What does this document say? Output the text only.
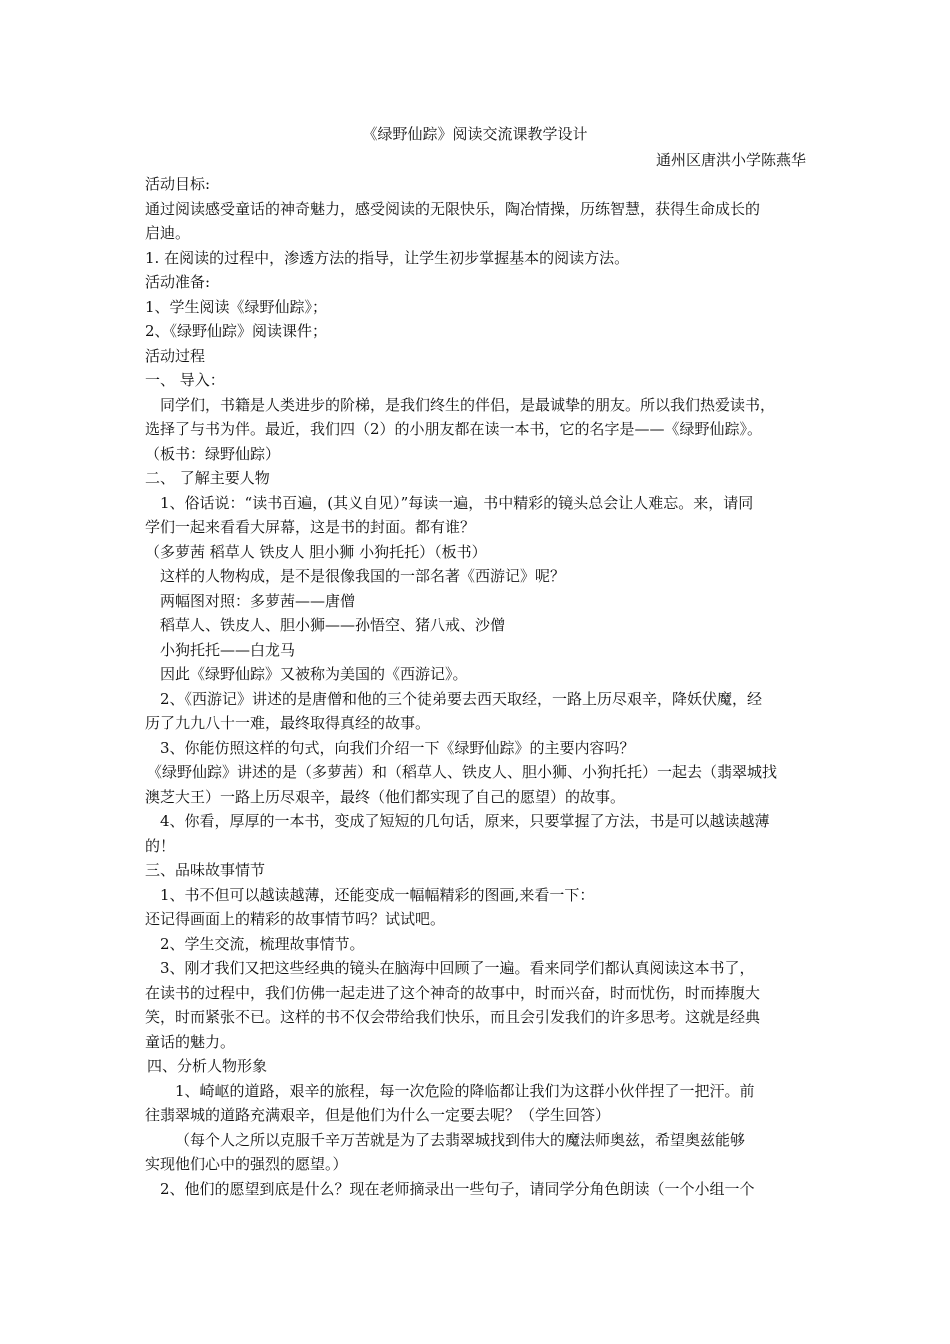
《绿野仙踪》阅读交流课教学设计
通州区唐洪小学陈燕华
活动目标:
通过阅读感受童话的神奇魅力，感受阅读的无限快乐，陶冶情操，历练智慧，获得生命成长的
启迪。
1. 在阅读的过程中，渗透方法的指导，让学生初步掌握基本的阅读方法。
活动准备:
1、学生阅读《绿野仙踪》；
2、《绿野仙踪》阅读课件；
活动过程
一、 导入：
同学们，书籍是人类进步的阶梯，是我们终生的伴侣，是最诚挚的朋友。所以我们热爱读书，
选择了与书为伴。最近，我们四（2）的小朋友都在读一本书，它的名字是——《绿野仙踪》。
（板书：绿野仙踪）
二、 了解主要人物
1、俗话说：“读书百遍，(其义自见）”每读一遍，书中精彩的镜头总会让人难忘。来，请同
学们一起来看看大屏幕，这是书的封面。都有谁？
（多萝茜 稻草人 铁皮人 胆小狮 小狗托托）（板书）
这样的人物构成，是不是很像我国的一部名著《西游记》呢？
两幅图对照：多萝茜——唐僧
稻草人、铁皮人、胆小狮——孙悟空、猪八戒、沙僧
小狗托托——白龙马
因此《绿野仙踪》又被称为美国的《西游记》。
2、《西游记》讲述的是唐僧和他的三个徒弟要去西天取经，一路上历尽艰辛，降妖伏魔，经
历了九九八十一难，最终取得真经的故事。
3、你能仿照这样的句式，向我们介绍一下《绿野仙踪》的主要内容吗？
《绿野仙踪》讲述的是（多萝茜）和（稻草人、铁皮人、胆小狮、小狗托托）一起去（翡翠城找
澳芝大王）一路上历尽艰辛，最终（他们都实现了自己的愿望）的故事。
4、你看，厚厚的一本书，变成了短短的几句话，原来，只要掌握了方法，书是可以越读越薄
的！
三、品味故事情节
1、书不但可以越读越薄，还能变成一幅幅精彩的图画,来看一下：
还记得画面上的精彩的故事情节吗？试试吧。
2、学生交流，梳理故事情节。
3、刚才我们又把这些经典的镜头在脑海中回顾了一遍。看来同学们都认真阅读这本书了，
在读书的过程中，我们仿佛一起走进了这个神奇的故事中，时而兴奋，时而忧伤，时而捧腹大
笑，时而紧张不已。这样的书不仅会带给我们快乐，而且会引发我们的许多思考。这就是经典
童话的魅力。
四、分析人物形象
1、崎岖的道路，艰辛的旅程，每一次危险的降临都让我们为这群小伙伴捏了一把汗。前
往翡翠城的道路充满艰辛，但是他们为什么一定要去呢？（学生回答）
（每个人之所以克服千辛万苦就是为了去翡翠城找到伟大的魔法师奥兹，希望奥兹能够
实现他们心中的强烈的愿望。）
2、他们的愿望到底是什么？现在老师摘录出一些句子，请同学分角色朗读（一个小组一个
